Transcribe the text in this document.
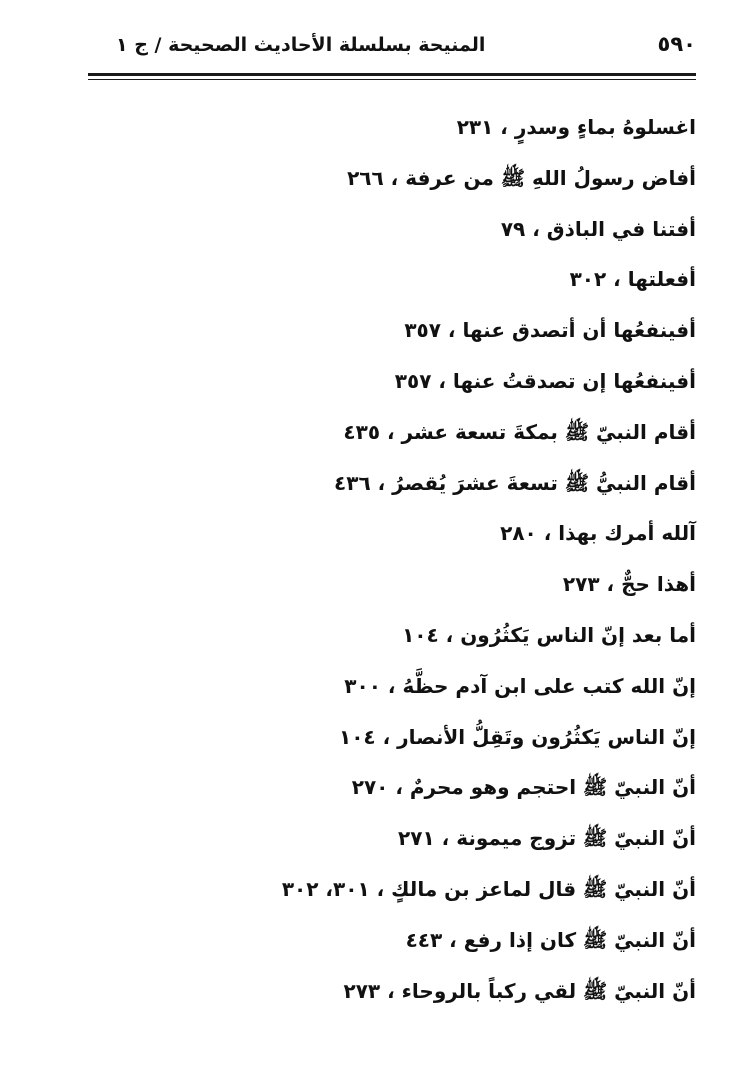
٥٩٠
المنيحة بسلسلة الأحاديث الصحيحة / ج ١
اغسلوهُ بماءٍ وسدرٍ ، ٢٣١
أفاض رسولُ اللهِ ﷺ من عرفة ، ٢٦٦
أفتنا في الباذق ، ٧٩
أفعلتها ، ٣٠٢
أفينفعُها أن أتصدق عنها ، ٣٥٧
أفينفعُها إن تصدقتُ عنها ، ٣٥٧
أقام النبيّ ﷺ بمكةَ تسعة عشر ، ٤٣٥
أقام النبيُّ ﷺ تسعةَ عشرَ يُقصرُ ، ٤٣٦
آلله أمرك بهذا ، ٢٨٠
أهذا حجٌّ ، ٢٧٣
أما بعد إنّ الناس يَكثُرُون ، ١٠٤
إنّ الله كتب على ابن آدم حظَّهُ ، ٣٠٠
إنّ الناس يَكثُرُون وتَقِلُّ الأنصار ، ١٠٤
أنّ النبيّ ﷺ احتجم وهو محرمٌ ، ٢٧٠
أنّ النبيّ ﷺ تزوج ميمونة ، ٢٧١
أنّ النبيّ ﷺ قال لماعز بن مالكٍ ، ٣٠١، ٣٠٢
أنّ النبيّ ﷺ كان إذا رفع ، ٤٤٣
أنّ النبيّ ﷺ لقي ركباً بالروحاء ، ٢٧٣
